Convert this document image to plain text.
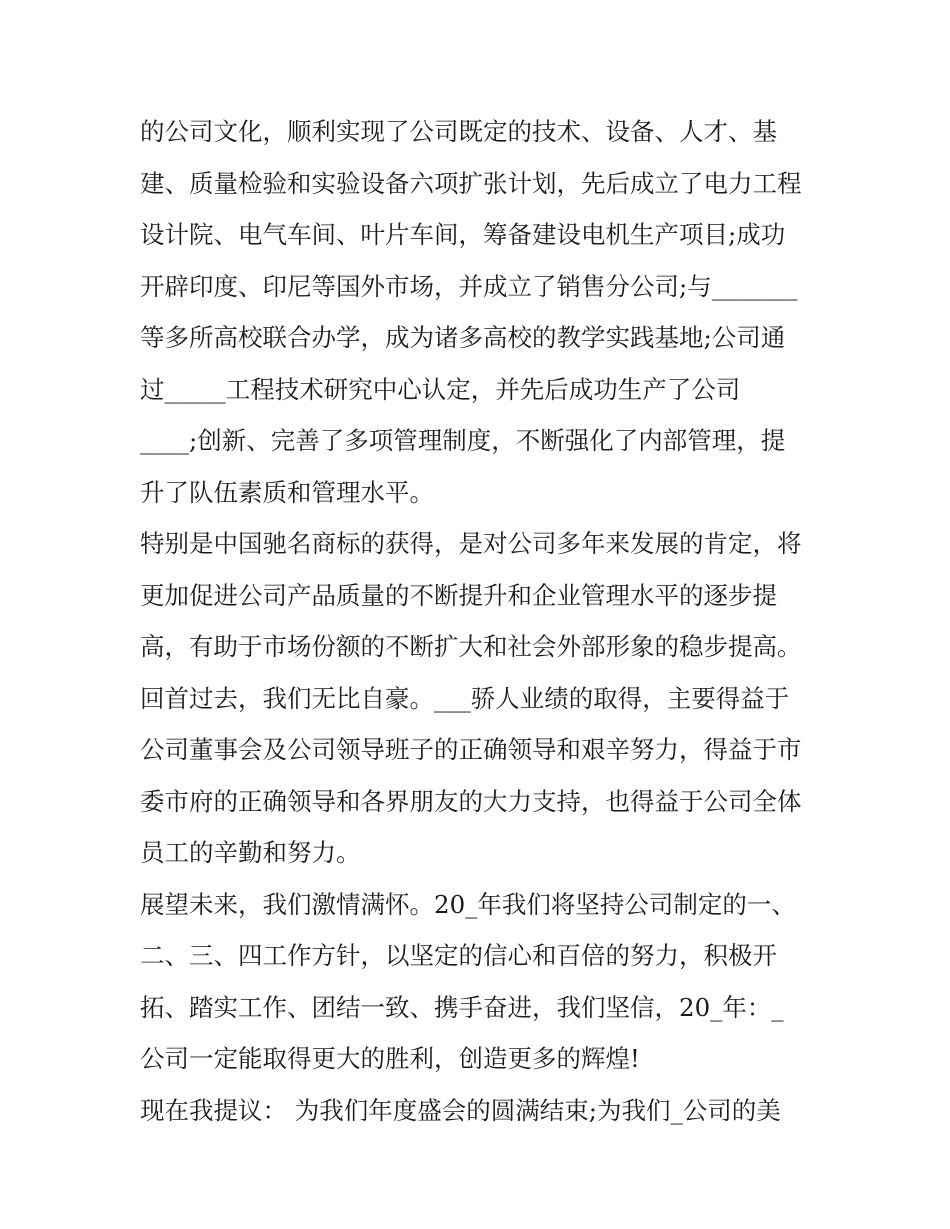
的公司文化，顺利实现了公司既定的技术、设备、人才、基
建、质量检验和实验设备六项扩张计划，先后成立了电力工程
设计院、电气车间、叶片车间，筹备建设电机生产项目;成功
开辟印度、印尼等国外市场，并成立了销售分公司;与_______
等多所高校联合办学，成为诸多高校的教学实践基地;公司通
过_____工程技术研究中心认定，并先后成功生产了公司
____;创新、完善了多项管理制度，不断强化了内部管理，提
升了队伍素质和管理水平。
特别是中国驰名商标的获得，是对公司多年来发展的肯定，将
更加促进公司产品质量的不断提升和企业管理水平的逐步提
高，有助于市场份额的不断扩大和社会外部形象的稳步提高。
回首过去，我们无比自豪。___骄人业绩的取得，主要得益于
公司董事会及公司领导班子的正确领导和艰辛努力，得益于市
委市府的正确领导和各界朋友的大力支持，也得益于公司全体
员工的辛勤和努力。
展望未来，我们激情满怀。20_年我们将坚持公司制定的一、
二、三、四工作方针，以坚定的信心和百倍的努力，积极开
拓、踏实工作、团结一致、携手奋进，我们坚信，20_年：_
公司一定能取得更大的胜利，创造更多的辉煌!
现在我提议： 为我们年度盛会的圆满结束;为我们_公司的美
